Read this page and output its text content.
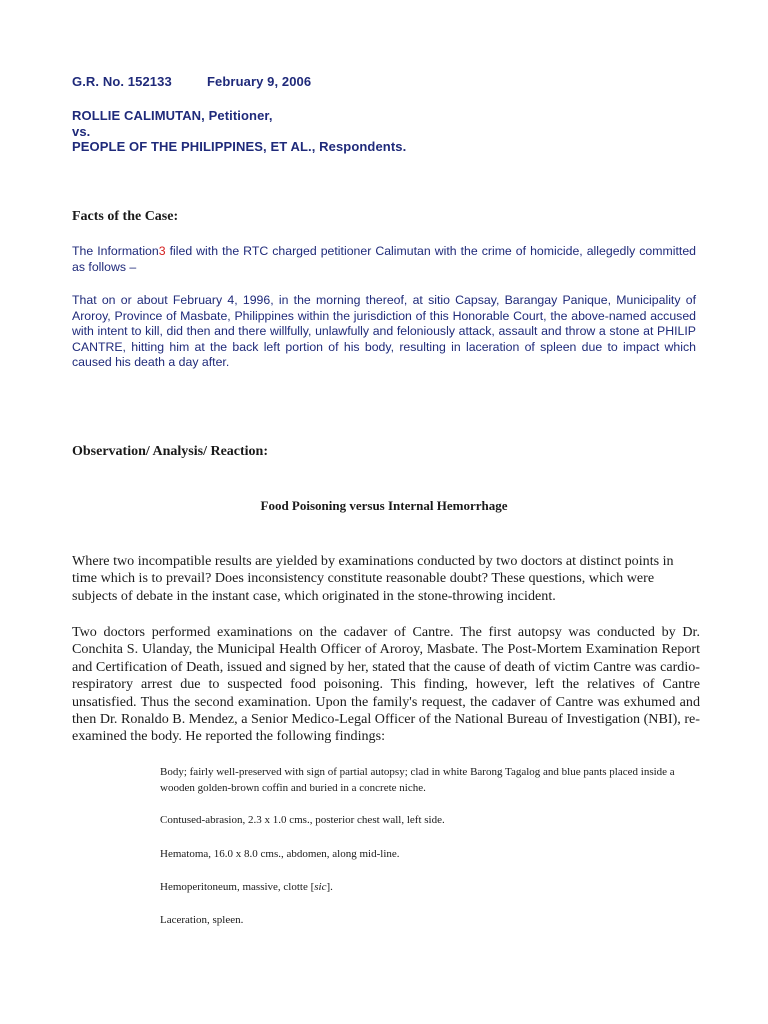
G.R. No. 152133	February 9, 2006
ROLLIE CALIMUTAN, Petitioner,
vs.
PEOPLE OF THE PHILIPPINES, ET AL., Respondents.
Facts of the Case:
The Information3 filed with the RTC charged petitioner Calimutan with the crime of homicide, allegedly committed as follows –
That on or about February 4, 1996, in the morning thereof, at sitio Capsay, Barangay Panique, Municipality of Aroroy, Province of Masbate, Philippines within the jurisdiction of this Honorable Court, the above-named accused with intent to kill, did then and there willfully, unlawfully and feloniously attack, assault and throw a stone at PHILIP CANTRE, hitting him at the back left portion of his body, resulting in laceration of spleen due to impact which caused his death a day after.
Observation/ Analysis/ Reaction:
Food Poisoning versus Internal Hemorrhage
Where two incompatible results are yielded by examinations conducted by two doctors at distinct points in time which is to prevail? Does inconsistency constitute reasonable doubt? These questions, which were subjects of debate in the instant case, which originated in the stone-throwing incident.
Two doctors performed examinations on the cadaver of Cantre. The first autopsy was conducted by Dr. Conchita S. Ulanday, the Municipal Health Officer of Aroroy, Masbate. The Post-Mortem Examination Report and Certification of Death, issued and signed by her, stated that the cause of death of victim Cantre was cardio-respiratory arrest due to suspected food poisoning. This finding, however, left the relatives of Cantre unsatisfied. Thus the second examination. Upon the family's request, the cadaver of Cantre was exhumed and then Dr. Ronaldo B. Mendez, a Senior Medico-Legal Officer of the National Bureau of Investigation (NBI), re-examined the body. He reported the following findings:

Body; fairly well-preserved with sign of partial autopsy; clad in white Barong Tagalog and blue pants placed inside a wooden golden-brown coffin and buried in a concrete niche.

Contused-abrasion, 2.3 x 1.0 cms., posterior chest wall, left side.

Hematoma, 16.0 x 8.0 cms., abdomen, along mid-line.

Hemoperitoneum, massive, clotte [sic].

Laceration, spleen.
